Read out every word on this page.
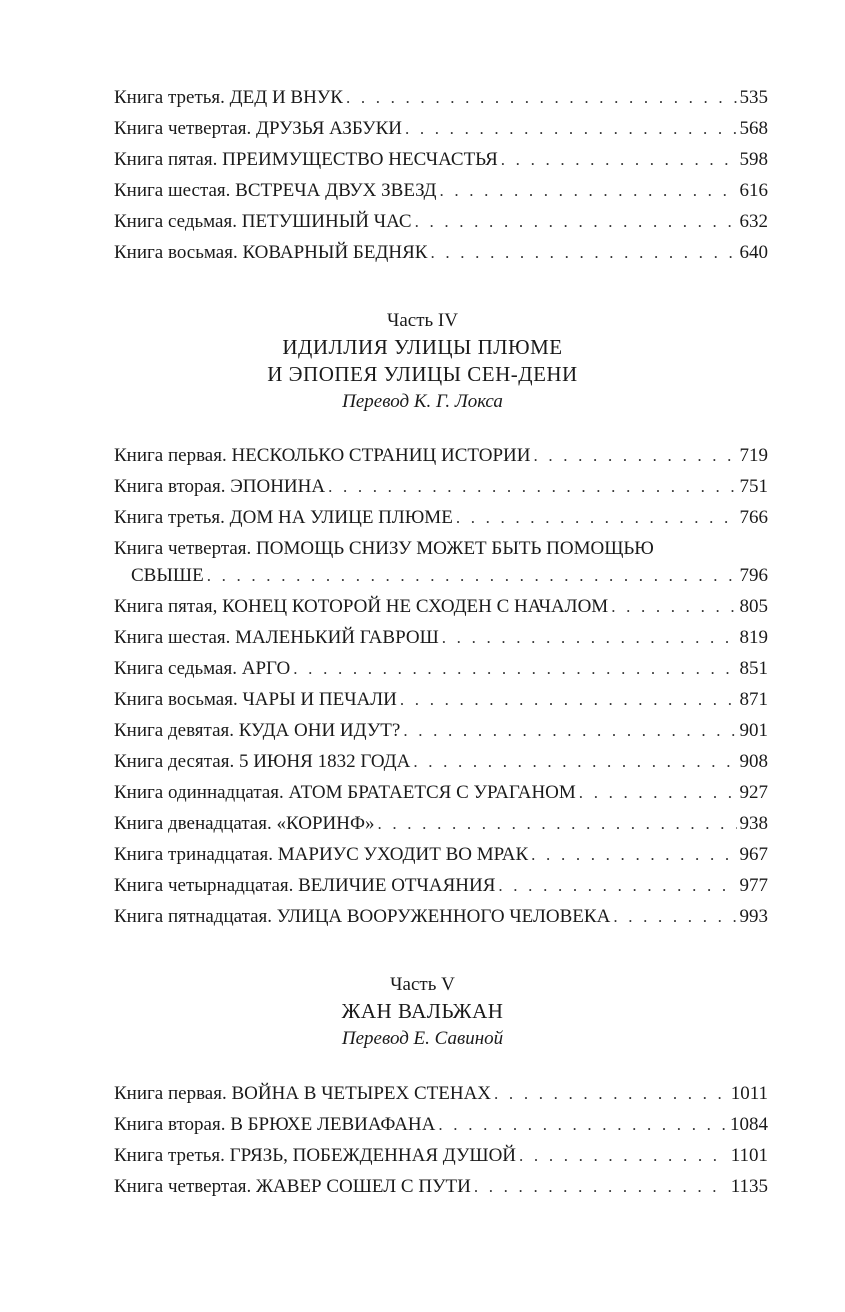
Книга третья. ДЕД И ВНУК . . .	535
Книга четвертая. ДРУЗЬЯ АЗБУКИ . . .	568
Книга пятая. ПРЕИМУЩЕСТВО НЕСЧАСТЬЯ . . .	598
Книга шестая. ВСТРЕЧА ДВУХ ЗВЕЗД . . .	616
Книга седьмая. ПЕТУШИНЫЙ ЧАС . . .	632
Книга восьмая. КОВАРНЫЙ БЕДНЯК . . .	640
Часть IV
ИДИЛЛИЯ УЛИЦЫ ПЛЮМЕ
И ЭПОПЕЯ УЛИЦЫ СЕН-ДЕНИ
Перевод К. Г. Локса
Книга первая. НЕСКОЛЬКО СТРАНИЦ ИСТОРИИ . . .	719
Книга вторая. ЭПОНИНА . . .	751
Книга третья. ДОМ НА УЛИЦЕ ПЛЮМЕ . . .	766
Книга четвертая. ПОМОЩЬ СНИЗУ МОЖЕТ БЫТЬ ПОМОЩЬЮ
СВЫШЕ . . .	796
Книга пятая, КОНЕЦ КОТОРОЙ НЕ СХОДЕН С НАЧАЛОМ . . .	805
Книга шестая. МАЛЕНЬКИЙ ГАВРОШ . . .	819
Книга седьмая. АРГО . . .	851
Книга восьмая. ЧАРЫ И ПЕЧАЛИ . . .	871
Книга девятая. КУДА ОНИ ИДУТ? . . .	901
Книга десятая. 5 ИЮНЯ 1832 ГОДА . . .	908
Книга одиннадцатая. АТОМ БРАТАЕТСЯ С УРАГАНОМ . . .	927
Книга двенадцатая. «КОРИНФ» . . .	938
Книга тринадцатая. МАРИУС УХОДИТ ВО МРАК . . .	967
Книга четырнадцатая. ВЕЛИЧИЕ ОТЧАЯНИЯ . . .	977
Книга пятнадцатая. УЛИЦА ВООРУЖЕННОГО ЧЕЛОВЕКА . . .	993
Часть V
ЖАН ВАЛЬЖАН
Перевод Е. Савиной
Книга первая. ВОЙНА В ЧЕТЫРЕХ СТЕНАХ . . .	1011
Книга вторая. В БРЮХЕ ЛЕВИАФАНА . . .	1084
Книга третья. ГРЯЗЬ, ПОБЕЖДЕННАЯ ДУШОЙ . . .	1101
Книга четвертая. ЖАВЕР СОШЕЛ С ПУТИ . . .	1135
